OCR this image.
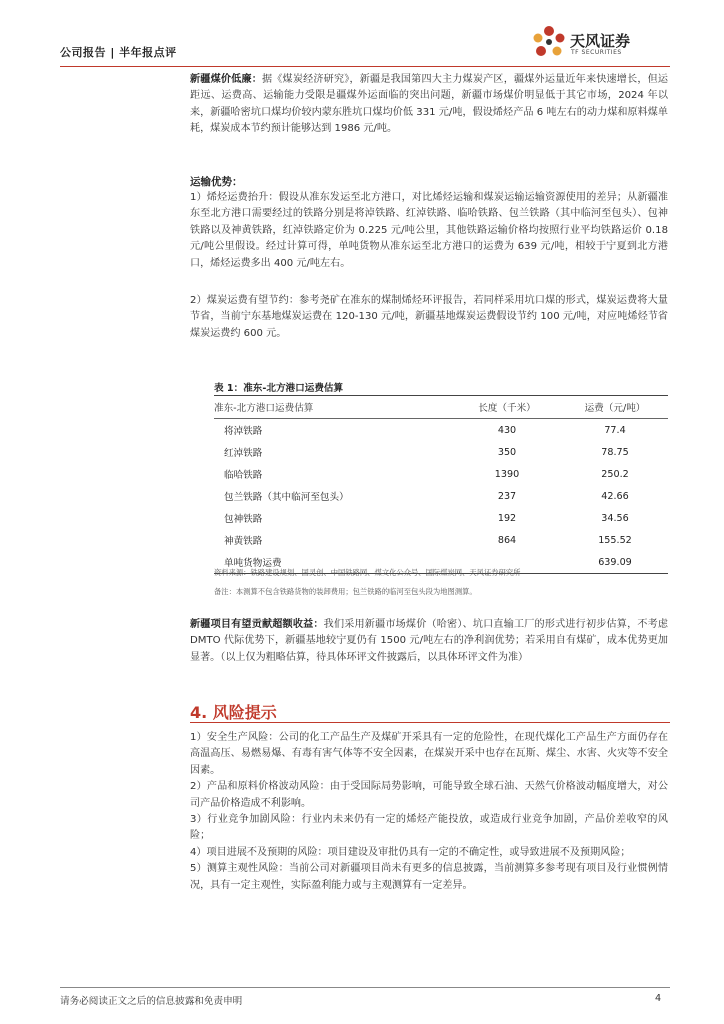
公司报告 | 半年报点评
天风证券
TF SECURITIES

新疆煤价低廉：据《煤炭经济研究》，新疆是我国第四大主力煤炭产区，疆煤外运量近年来快速增长，但运距远、运费高、运输能力受限是疆煤外运面临的突出问题，新疆市场煤价明显低于其它市场，2024 年以来，新疆哈密坑口煤均价较内蒙东胜坑口煤均价低 331 元/吨，假设烯烃产品 6 吨左右的动力煤和原料煤单耗，煤炭成本节约预计能够达到 1986 元/吨。

运输优势：

1）烯烃运费抬升：假设从准东发运至北方港口，对比烯烃运输和煤炭运输运输资源使用的差异；从新疆准东至北方港口需要经过的铁路分别是将淖铁路、红淖铁路、临哈铁路、包兰铁路（其中临河至包头）、包神铁路以及神黄铁路，红淖铁路定价为 0.225 元/吨公里，其他铁路运输价格均按照行业平均铁路运价 0.18 元/吨公里假设。经过计算可得，单吨货物从准东运至北方港口的运费为 639 元/吨，相较于宁夏到北方港口，烯烃运费多出 400 元/吨左右。

2）煤炭运费有望节约：参考尧矿在准东的煤制烯烃环评报告，若同样采用坑口煤的形式，煤炭运费将大量节省，当前宁东基地煤炭运费在 120-130 元/吨，新疆基地煤炭运费假设节约 100 元/吨，对应吨烯烃节省煤炭运费约 600 元。

表 1：准东-北方港口运费估算
准东-北方港口运费估算	长度（千米）	运费（元/吨）
将淖铁路	430	77.4
红淖铁路	350	78.75
临哈铁路	1390	250.2
包兰铁路（其中临河至包头）	237	42.66
包神铁路	192	34.56
神黄铁路	864	155.52
单吨货物运费		639.09
资料来源：铁路建设规划、国灵创、中国铁路网、煤文化公众号、国际煤炭网、天风证券研究所
备注：本测算不包含铁路货物的装卸费用；包兰铁路的临河至包头段为地图测算。

新疆项目有望贡献超额收益：我们采用新疆市场煤价（哈密）、坑口直输工厂的形式进行初步估算，不考虑 DMTO 代际优势下，新疆基地较宁夏仍有 1500 元/吨左右的净利润优势；若采用自有煤矿，成本优势更加显著。（以上仅为粗略估算，待具体环评文件披露后，以具体环评文件为准）

4. 风险提示

1）安全生产风险：公司的化工产品生产及煤矿开采具有一定的危险性，在现代煤化工产品生产方面仍存在高温高压、易燃易爆、有毒有害气体等不安全因素，在煤炭开采中也存在瓦斯、煤尘、水害、火灾等不安全因素。

2）产品和原料价格波动风险：由于受国际局势影响，可能导致全球石油、天然气价格波动幅度增大，对公司产品价格造成不利影响。

3）行业竞争加剧风险：行业内未来仍有一定的烯烃产能投放，或造成行业竞争加剧，产品价差收窄的风险；

4）项目进展不及预期的风险：项目建设及审批仍具有一定的不确定性，或导致进展不及预期风险；

5）测算主观性风险：当前公司对新疆项目尚未有更多的信息披露，当前测算多参考现有项目及行业惯例情况，具有一定主观性，实际盈利能力或与主观测算有一定差异。

请务必阅读正文之后的信息披露和免责申明	4
